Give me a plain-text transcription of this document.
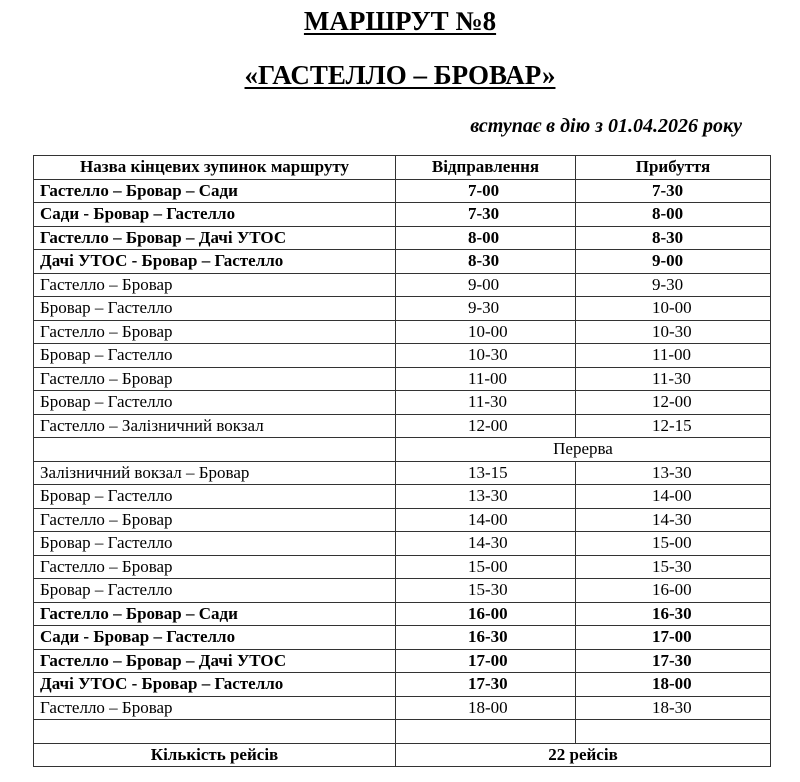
МАРШРУТ №8
«ГАСТЕЛЛО – БРОВАР»

вступає в дію з 01.04.2026 року

Назва кінцевих зупинок маршруту	Відправлення	Прибуття
Гастелло – Бровар – Сади	7-00	7-30
Сади - Бровар – Гастелло	7-30	8-00
Гастелло – Бровар – Дачі УТОС	8-00	8-30
Дачі УТОС - Бровар – Гастелло	8-30	9-00
Гастелло – Бровар	9-00	9-30
Бровар – Гастелло	9-30	10-00
Гастелло – Бровар	10-00	10-30
Бровар – Гастелло	10-30	11-00
Гастелло – Бровар	11-00	11-30
Бровар – Гастелло	11-30	12-00
Гастелло – Залізничний вокзал	12-00	12-15
	Перерва	
Залізничний вокзал – Бровар	13-15	13-30
Бровар – Гастелло	13-30	14-00
Гастелло – Бровар	14-00	14-30
Бровар – Гастелло	14-30	15-00
Гастелло – Бровар	15-00	15-30
Бровар – Гастелло	15-30	16-00
Гастелло – Бровар – Сади	16-00	16-30
Сади - Бровар – Гастелло	16-30	17-00
Гастелло – Бровар – Дачі УТОС	17-00	17-30
Дачі УТОС - Бровар – Гастелло	17-30	18-00
Гастелло – Бровар	18-00	18-30

Кількість рейсів	22 рейсів	
